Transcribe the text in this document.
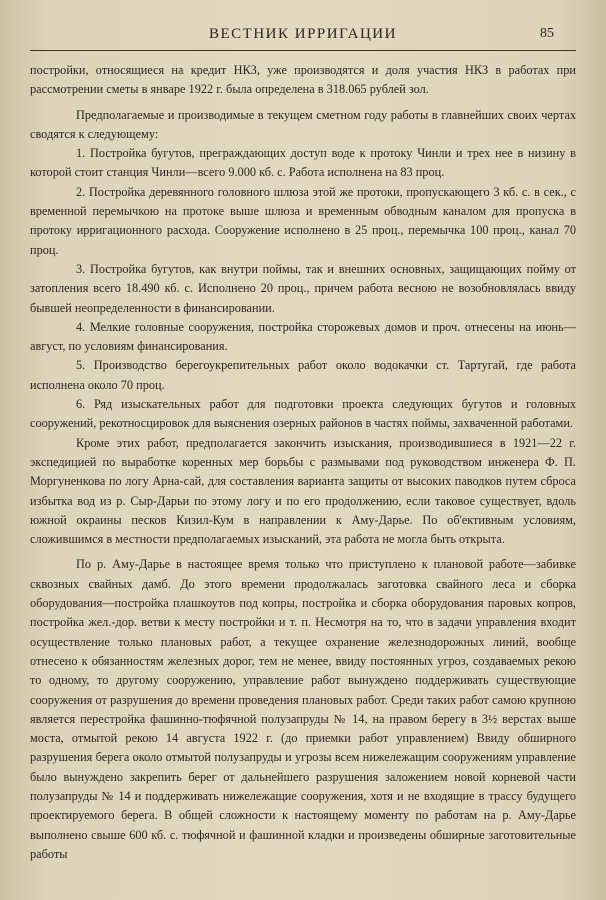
ВЕСТНИК ИРРИГАЦИИ	85

постройки, относящиеся на кредит НКЗ, уже производятся и доля участия НКЗ в работах при рассмотрении сметы в январе 1922 г. была определена в 318.065 рублей зол.

Предполагаемые и производимые в текущем сметном году работы в главнейших своих чертах сводятся к следующему:

1. Постройка бугутов, преграждающих доступ воде к протоку Чинли и трех нее в низину в которой стоит станция Чинли—всего 9.000 кб. с. Работа исполнена на 83 проц.

2. Постройка деревянного головного шлюза этой же протоки, пропускающего 3 кб. с. в сек., с временной перемычкою на протоке выше шлюза и временным обводным каналом для пропуска в протоку ирригационного расхода. Сооружение исполнено в 25 проц., перемычка 100 проц., канал 70 проц.

3. Постройка бугутов, как внутри поймы, так и внешних основных, защищающих пойму от затопления всего 18.490 кб. с. Исполнено 20 проц., причем работа весною не возобновлялась ввиду бывшей неопределенности в финансировании.

4. Мелкие головные сооружения, постройка сторожевых домов и проч. отнесены на июнь—август, по условиям финансирования.

5. Производство берегоукрепительных работ около водокачки ст. Тартугай, где работа исполнена около 70 проц.

6. Ряд изыскательных работ для подготовки проекта следующих бугутов и головных сооружений, рекотносцировок для выяснения озерных районов в частях поймы, захваченной работами.

Кроме этих работ, предполагается закончить изыскания, производившиеся в 1921—22 г. экспедицией по выработке коренных мер борьбы с размывами под руководством инженера Ф. П. Моргуненкова по логу Арна-сай, для составления варианта защиты от высоких паводков путем сброса избытка вод из р. Сыр-Дарьи по этому логу и по его продолжению, если таковое существует, вдоль южной окраины песков Кизил-Кум в направлении к Аму-Дарье. По об'ективным условиям, сложившимся в местности предполагаемых изысканий, эта работа не могла быть открыта.

По р. Аму-Дарье в настоящее время только что приступлено к плановой работе—забивке сквозных свайных дамб. До этого времени продолжалась заготовка свайного леса и сборка оборудования—постройка плашкоутов под копры, постройка и сборка оборудования паровых копров, постройка жел.-дор. ветви к месту постройки и т. п. Несмотря на то, что в задачи управления входит осуществление только плановых работ, а текущее охранение железнодорожных линий, вообще отнесено к обязанностям железных дорог, тем не менее, ввиду постоянных угроз, создаваемых рекою то одному, то другому сооружению, управление работ вынуждено поддерживать существующие сооружения от разрушения до времени проведения плановых работ. Среди таких работ самою крупною является перестройка фашинно-тюфячной полузапруды № 14, на правом берегу в 3½ верстах выше моста, отмытой рекою 14 августа 1922 г. (до приемки работ управлением) Ввиду обширного разрушения берега около отмытой полузапруды и угрозы всем нижележащим сооружениям управление было вынуждено закрепить берег от дальнейшего разрушения заложением новой корневой части полузапруды № 14 и поддерживать нижележащие сооружения, хотя и не входящие в трассу будущего проектируемого берега. В общей сложности к настоящему моменту по работам на р. Аму-Дарье выполнено свыше 600 кб. с. тюфячной и фашинной кладки и произведены обширные заготовительные работы
